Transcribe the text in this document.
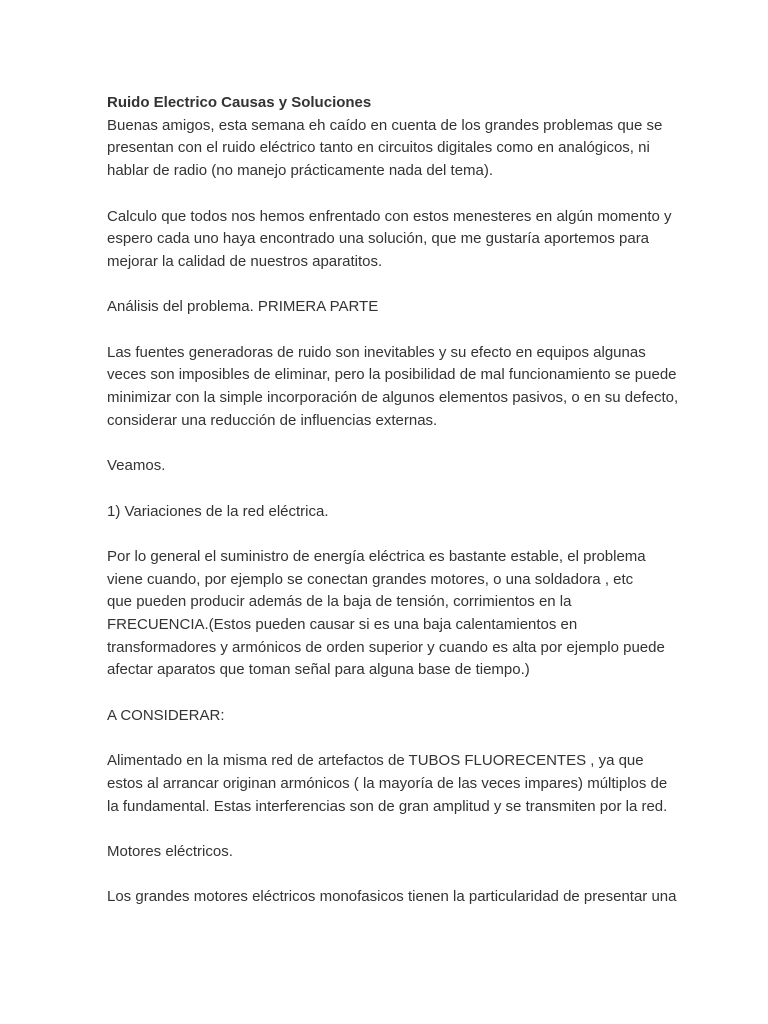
Ruido Electrico Causas y Soluciones
Buenas amigos, esta semana eh caído en cuenta de los grandes problemas que se
presentan con el ruido eléctrico tanto en circuitos digitales como en analógicos, ni
hablar de radio (no manejo prácticamente nada del tema).
Calculo que todos nos hemos enfrentado con estos menesteres en algún momento y
espero cada uno haya encontrado una solución, que me gustaría aportemos para
mejorar la calidad de nuestros aparatitos.
Análisis del problema. PRIMERA PARTE
Las fuentes generadoras de ruido son inevitables y su efecto en equipos algunas
veces son imposibles de eliminar, pero la posibilidad de mal funcionamiento se puede
minimizar con la simple incorporación de algunos elementos pasivos, o en su defecto,
considerar una reducción de influencias externas.
Veamos.
1) Variaciones de la red eléctrica.
Por lo general el suministro de energía eléctrica es bastante estable, el problema
viene cuando, por ejemplo se conectan grandes motores, o una soldadora , etc
que pueden producir además de la baja de tensión, corrimientos en la
FRECUENCIA.(Estos pueden causar si es una baja calentamientos en
transformadores y armónicos de orden superior y cuando es alta por ejemplo puede
afectar aparatos que toman señal para alguna base de tiempo.)
A CONSIDERAR:
Alimentado en la misma red de artefactos de TUBOS FLUORECENTES , ya que
estos al arrancar originan armónicos ( la mayoría de las veces impares) múltiplos de
la fundamental. Estas interferencias son de gran amplitud y se transmiten por la red.
Motores eléctricos.
Los grandes motores eléctricos monofasicos tienen la particularidad de presentar una
